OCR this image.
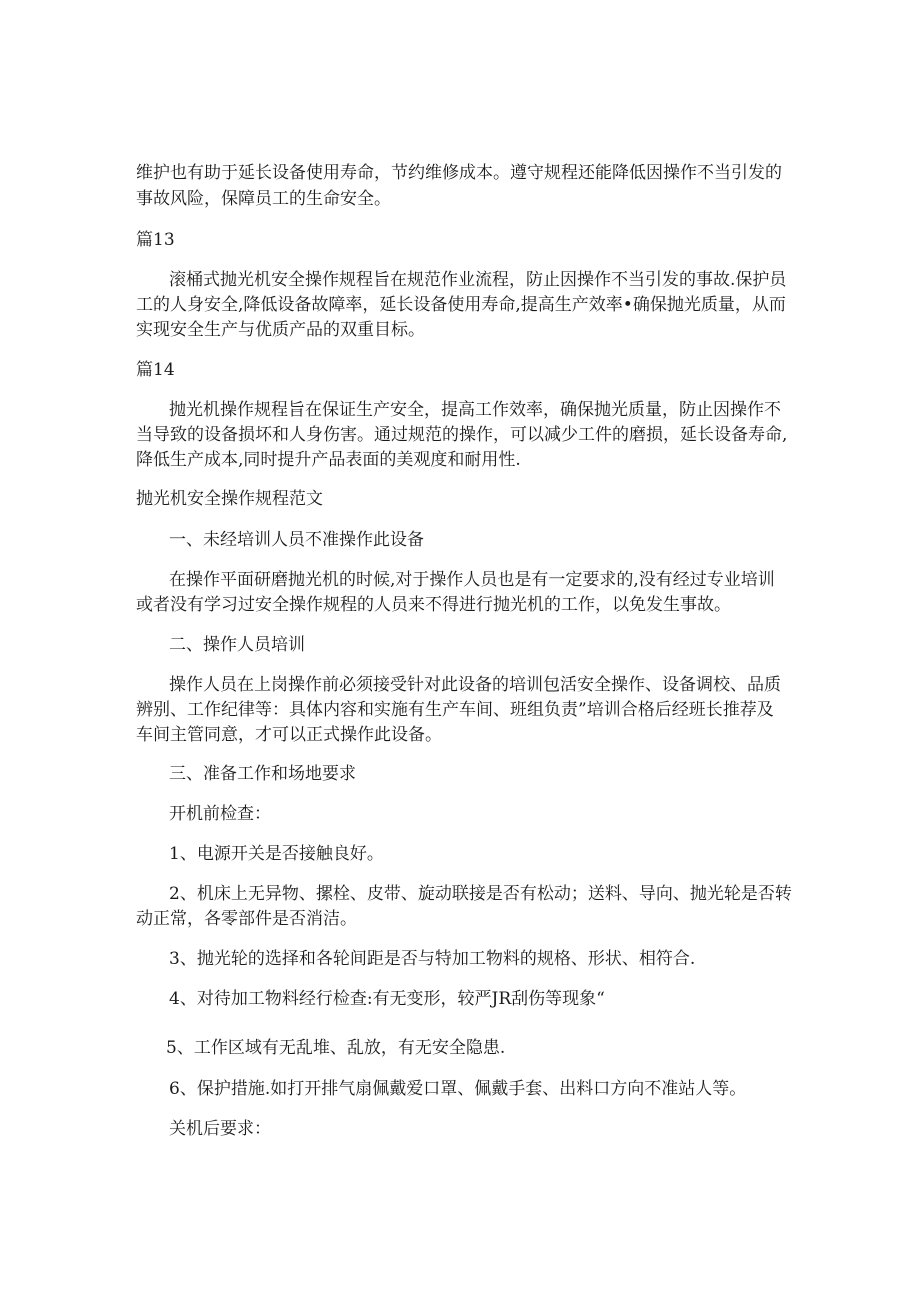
维护也有助于延长设备使用寿命，节约维修成本。遵守规程还能降低因操作不当引发的
事故风险，保障员工的生命安全。
篇13
滚桶式抛光机安全操作规程旨在规范作业流程，防止因操作不当引发的事故.保护员
工的人身安全,降低设备故障率，延长设备使用寿命,提高生产效率•确保抛光质量，从而
实现安全生产与优质产品的双重目标。
篇14
抛光机操作规程旨在保证生产安全，提高工作效率，确保抛光质量，防止因操作不
当导致的设备损坏和人身伤害。通过规范的操作，可以减少工件的磨损，延长设备寿命,
降低生产成本,同时提升产品表面的美观度和耐用性.
抛光机安全操作规程范文
一、未经培训人员不准操作此设备
在操作平面研磨抛光机的时候,对于操作人员也是有一定要求的,没有经过专业培训
或者没有学习过安全操作规程的人员来不得进行抛光机的工作，以免发生事故。
二、操作人员培训
操作人员在上岗操作前必须接受针对此设备的培训包活安全操作、设备调校、品质
辨别、工作纪律等：具体内容和实施有生产车间、班组负责”培训合格后经班长推荐及
车间主管同意，才可以正式操作此设备。
三、准备工作和场地要求
开机前检查：
1、电源开关是否接触良好。
2、机床上无异物、摞栓、皮带、旋动联接是否有松动；送料、导向、抛光轮是否转
动正常，各零部件是否消洁。
3、抛光轮的选择和各轮间距是否与特加工物料的规格、形状、相符合.
4、对待加工物料经行检查:有无变形，较严JR刮伤等现象“
5、工作区域有无乱堆、乱放，有无安全隐患.
6、保护措施.如打开排气扇佩戴爱口罩、佩戴手套、出料口方向不准站人等。
关机后要求：
